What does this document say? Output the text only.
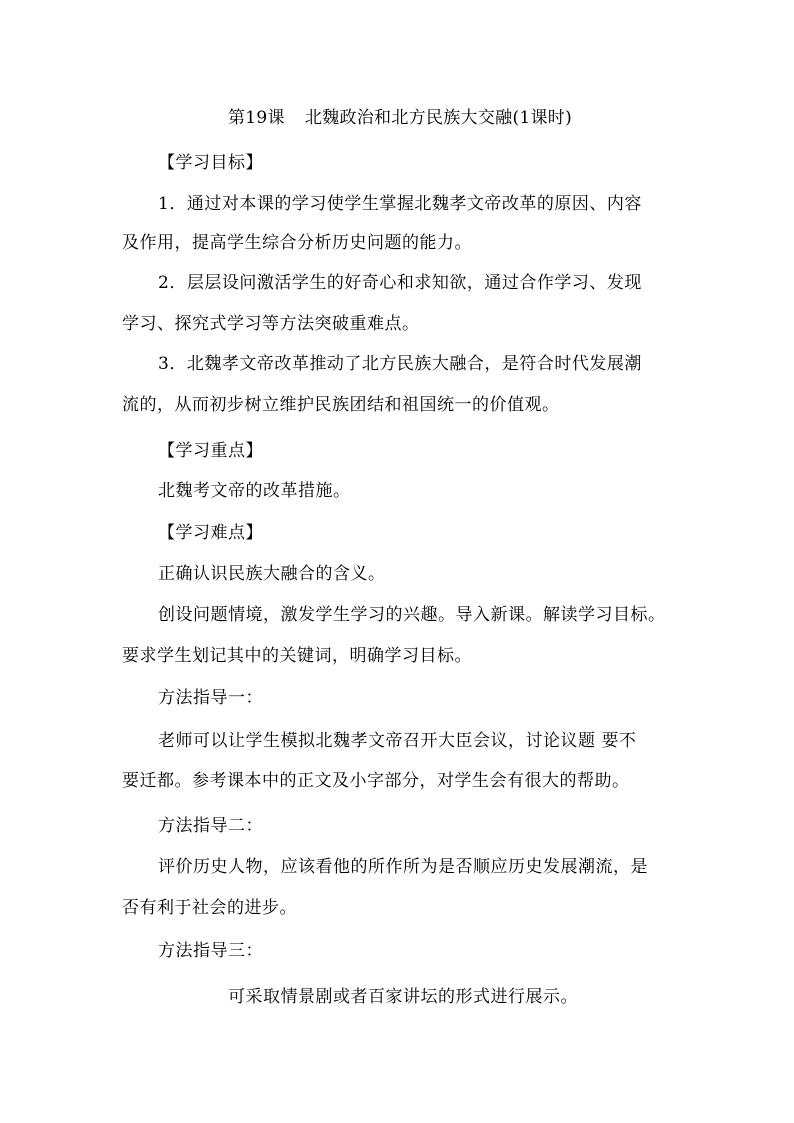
第19课 北魏政治和北方民族大交融(1课时)
【学习目标】
1．通过对本课的学习使学生掌握北魏孝文帝改革的原因、内容
及作用，提高学生综合分析历史问题的能力。
2．层层设问激活学生的好奇心和求知欲，通过合作学习、发现
学习、探究式学习等方法突破重难点。
3．北魏孝文帝改革推动了北方民族大融合，是符合时代发展潮
流的，从而初步树立维护民族团结和祖国统一的价值观。
【学习重点】
北魏考文帝的改革措施。
【学习难点】
正确认识民族大融合的含义。
创设问题情境，激发学生学习的兴趣。导入新课。解读学习目标。
要求学生划记其中的关键词，明确学习目标。
方法指导一：
老师可以让学生模拟北魏孝文帝召开大臣会议，讨论议题 要不
要迁都。参考课本中的正文及小字部分，对学生会有很大的帮助。
方法指导二：
评价历史人物，应该看他的所作所为是否顺应历史发展潮流，是
否有利于社会的进步。
方法指导三：
可采取情景剧或者百家讲坛的形式进行展示。
